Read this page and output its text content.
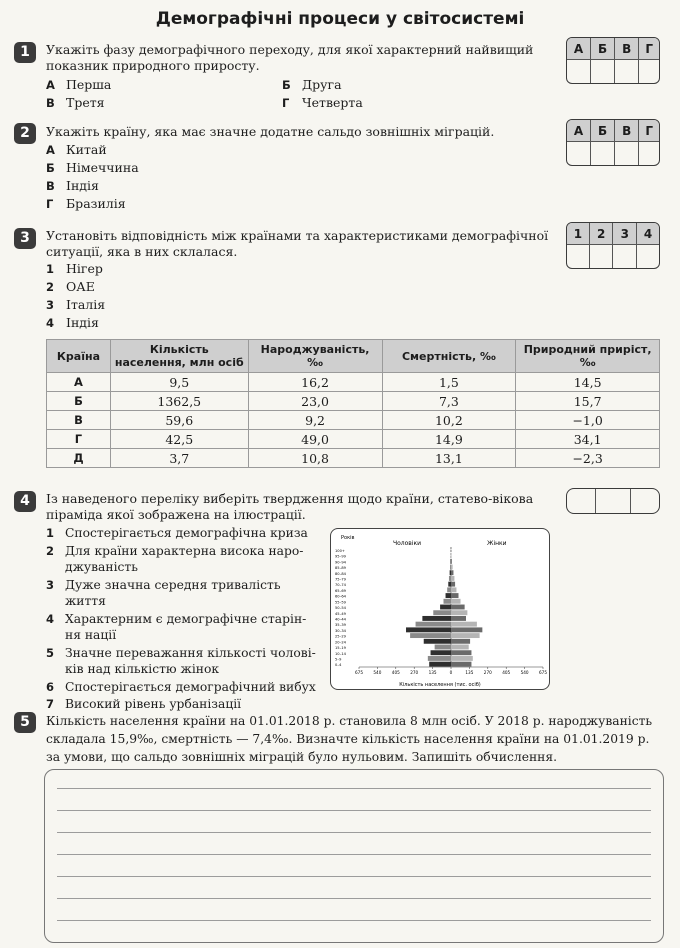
Демографічні процеси у світосистемі
1	Укажіть фазу демографічного переходу, для якої характерний найвищий
показник природного приросту.
А Перша	Б Друга
В Третя	Г Четверта
А	Б	В	Г

2	Укажіть країну, яка має значне додатне сальдо зовнішніх міграцій.
А Китай
Б Німеччина
В Індія
Г Бразилія
А	Б	В	Г

3	Установіть відповідність між країнами та характеристиками демографічної
ситуації, яка в них склалася.
1 Нігер
2 ОАЕ
3 Італія
4 Індія
1	2	3	4

Країна	Кількість населення, млн осіб	Народжуваність, ‰	Смертність, ‰	Природний приріст, ‰
А	9,5	16,2	1,5	14,5
Б	1362,5	23,0	7,3	15,7
В	59,6	9,2	10,2	−1,0
Г	42,5	49,0	14,9	34,1
Д	3,7	10,8	13,1	−2,3
4	Із наведеного переліку виберіть твердження щодо країни, статево-вікова
піраміда якої зображена на ілюстрації.

1 Спостерігається демографічна криза
2 Для країни характерна висока наро-
джуваність
3 Дуже значна середня тривалість життя
4 Характерним є демографічне старін-
ня нації
5 Значне переважання кількості чолові-
ків над кількістю жінок
6 Спостерігається демографічний вибух
7 Високий рівень урбанізації
Років
Чоловіки	Жінки
Кількість населення (тис. осіб)
100+
95–99
90–94
85–89
80–84
75–79
70–74
65–69
60–64
55–59
50–54
45–49
40–44
35–39
30–34
25–29
20–24
15–19
10–14
5–9
0–4
675 540 405 270 135	0	135 270 405 540 675
5	Кількість населення країни на 01.01.2018 р. становила 8 млн осіб. У 2018 р. народжуваність
складала 15,9‰, смертність — 7,4‰. Визначте кількість населення країни на 01.01.2019 р.
за умови, що сальдо зовнішніх міграцій було нульовим. Запишіть обчислення.
